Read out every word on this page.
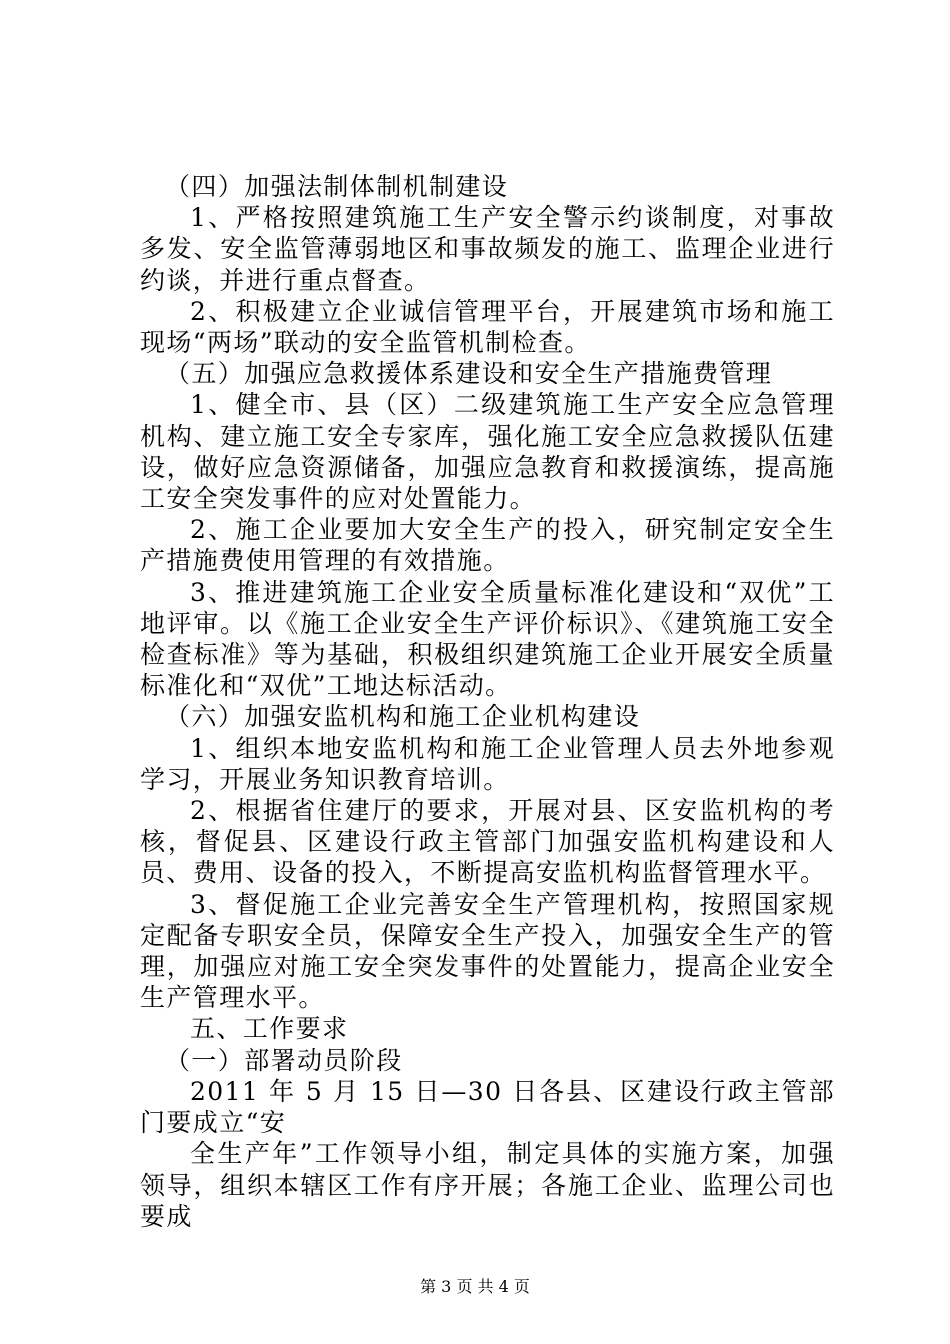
（四）加强法制体制机制建设

1、严格按照建筑施工生产安全警示约谈制度，对事故多发、安全监管薄弱地区和事故频发的施工、监理企业进行约谈，并进行重点督查。

2、积极建立企业诚信管理平台，开展建筑市场和施工现场“两场”联动的安全监管机制检查。

（五）加强应急救援体系建设和安全生产措施费管理

1、健全市、县（区）二级建筑施工生产安全应急管理机构、建立施工安全专家库，强化施工安全应急救援队伍建设，做好应急资源储备，加强应急教育和救援演练，提高施工安全突发事件的应对处置能力。

2、施工企业要加大安全生产的投入，研究制定安全生产措施费使用管理的有效措施。

3、推进建筑施工企业安全质量标准化建设和“双优”工地评审。以《施工企业安全生产评价标识》、《建筑施工安全检查标准》等为基础，积极组织建筑施工企业开展安全质量标准化和“双优”工地达标活动。

（六）加强安监机构和施工企业机构建设

1、组织本地安监机构和施工企业管理人员去外地参观学习，开展业务知识教育培训。

2、根据省住建厅的要求，开展对县、区安监机构的考核，督促县、区建设行政主管部门加强安监机构建设和人员、费用、设备的投入，不断提高安监机构监督管理水平。

3、督促施工企业完善安全生产管理机构，按照国家规定配备专职安全员，保障安全生产投入，加强安全生产的管理，加强应对施工安全突发事件的处置能力，提高企业安全生产管理水平。

五、工作要求

（一）部署动员阶段

2011 年 5 月 15 日—30 日各县、区建设行政主管部门要成立“安

全生产年”工作领导小组，制定具体的实施方案，加强领导，组织本辖区工作有序开展；各施工企业、监理公司也要成

第 3 页 共 4 页
